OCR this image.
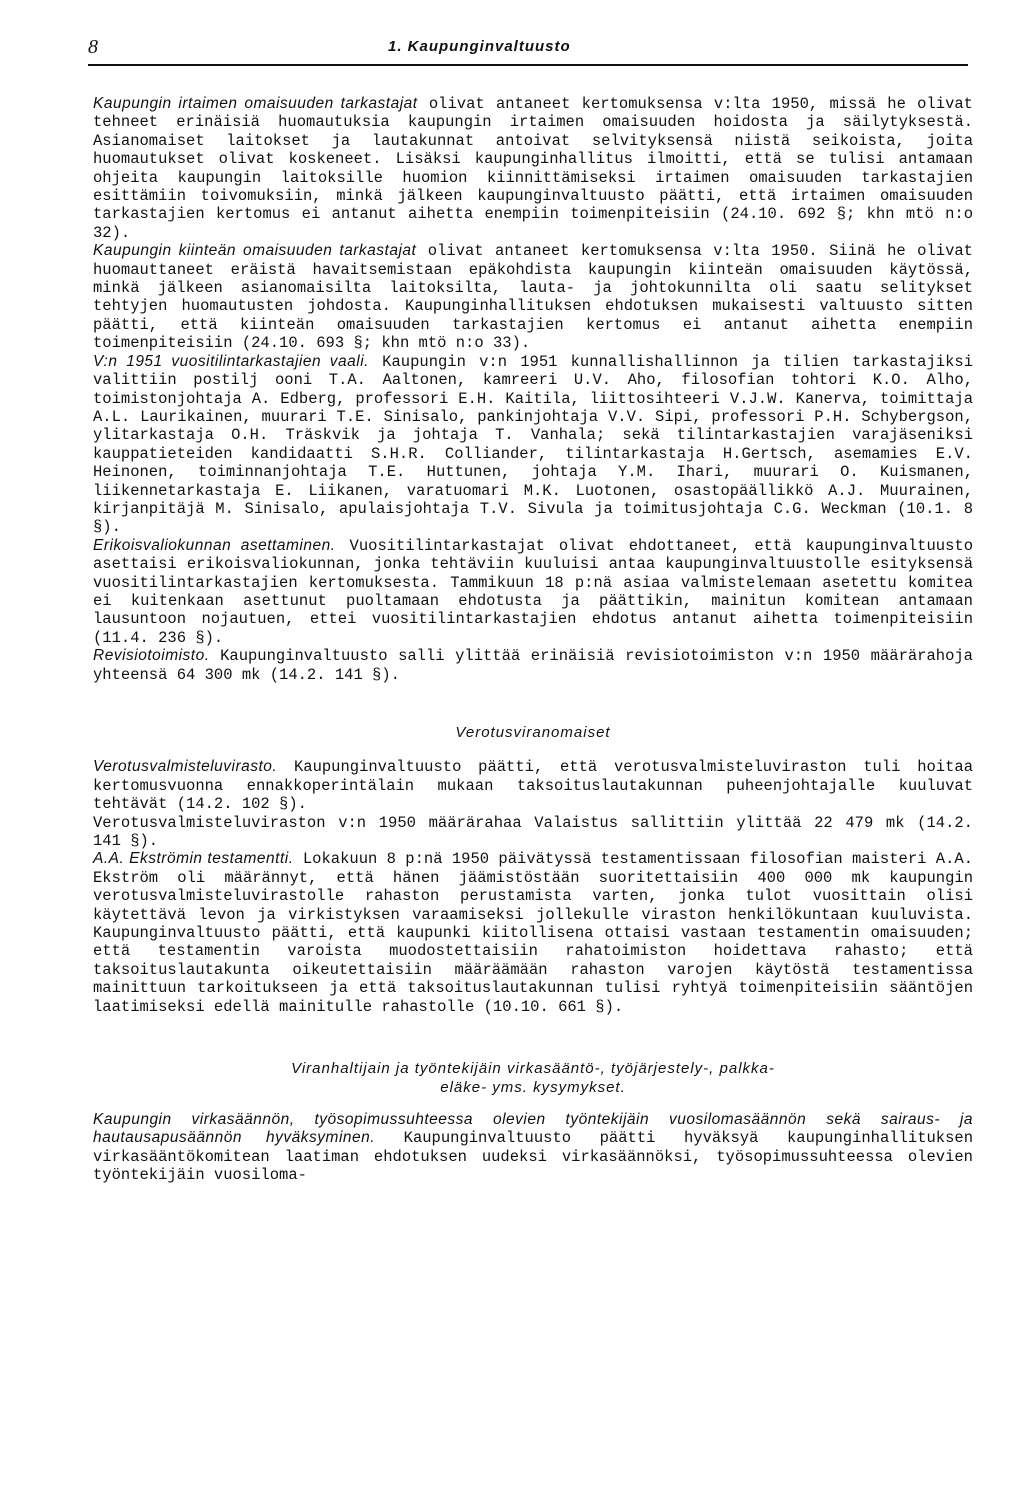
8	1. Kaupunginvaltuusto

Kaupungin irtaimen omaisuuden tarkastajat olivat antaneet kertomuksensa v:lta 1950, missä he olivat tehneet erinäisiä huomautuksia kaupungin irtaimen omaisuuden hoidosta ja säilytyksestä. Asianomaiset laitokset ja lautakunnat antoivat selvityksensä niistä seikoista, joita huomautukset olivat koskeneet. Lisäksi kaupunginhallitus ilmoitti, että se tulisi antamaan ohjeita kaupungin laitoksille huomion kiinnittämiseksi irtaimen omaisuuden tarkastajien esittämiin toivomuksiin, minkä jälkeen kaupunginvaltuusto päätti, että irtaimen omaisuuden tarkastajien kertomus ei antanut aihetta enempiin toimenpiteisiin (24.10. 692 §; khn mtö n:o 32).

Kaupungin kiinteän omaisuuden tarkastajat olivat antaneet kertomuksensa v:lta 1950. Siinä he olivat huomauttaneet eräistä havaitsemistaan epäkohdista kaupungin kiinteän omaisuuden käytössä, minkä jälkeen asianomaisilta laitoksilta, lauta- ja johtokunnilta oli saatu selitykset tehtyjen huomautusten johdosta. Kaupunginhallituksen ehdotuksen mukaisesti valtuusto sitten päätti, että kiinteän omaisuuden tarkastajien kertomus ei antanut aihetta enempiin toimenpiteisiin (24.10. 693 §; khn mtö n:o 33).

V:n 1951 vuositilintarkastajien vaali. Kaupungin v:n 1951 kunnallishallinnon ja tilien tarkastajiksi valittiin postilj ooni T.A. Aaltonen, kamreeri U.V. Aho, filosofian tohtori K.O. Alho, toimistonjohtaja A. Edberg, professori E.H. Kaitila, liittosihteeri V.J.W. Kanerva, toimittaja A.L. Laurikainen, muurari T.E. Sinisalo, pankinjohtaja V.V. Sipi, professori P.H. Schybergson, ylitarkastaja O.H. Träskvik ja johtaja T. Vanhala; sekä tilintarkastajien varajäseniksi kauppatieteiden kandidaatti S.H.R. Colliander, tilintarkastaja H.Gertsch, asemamies E.V. Heinonen, toiminnanjohtaja T.E. Huttunen, johtaja Y.M. Ihari, muurari O. Kuismanen, liikennetarkastaja E. Liikanen, varatuomari M.K. Luotonen, osastopäällikkö A.J. Muurainen, kirjanpitäjä M. Sinisalo, apulaisjohtaja T.V. Sivula ja toimitusjohtaja C.G. Weckman (10.1. 8 §).

Erikoisvaliokunnan asettaminen. Vuositilintarkastajat olivat ehdottaneet, että kaupunginvaltuusto asettaisi erikoisvaliokunnan, jonka tehtäviin kuuluisi antaa kaupunginvaltuustolle esityksensä vuositilintarkastajien kertomuksesta. Tammikuun 18 p:nä asiaa valmistelemaan asetettu komitea ei kuitenkaan asettunut puoltamaan ehdotusta ja päättikin, mainitun komitean antamaan lausuntoon nojautuen, ettei vuositilintarkastajien ehdotus antanut aihetta toimenpiteisiin (11.4. 236 §).

Revisiotoimisto. Kaupunginvaltuusto salli ylittää erinäisiä revisiotoimiston v:n 1950 määrärahoja yhteensä 64 300 mk (14.2. 141 §).

Verotusviranomaiset

Verotusvalmisteluvirasto. Kaupunginvaltuusto päätti, että verotusvalmisteluviraston tuli hoitaa kertomusvuonna ennakkoperintälain mukaan taksoituslautakunnan puheenjohtajalle kuuluvat tehtävät (14.2. 102 §).

Verotusvalmisteluviraston v:n 1950 määrärahaa Valaistus sallittiin ylittää 22 479 mk (14.2. 141 §).

A.A. Ekströmin testamentti. Lokakuun 8 p:nä 1950 päivätyssä testamentissaan filosofian maisteri A.A. Ekström oli määrännyt, että hänen jäämistöstään suoritettaisiin 400 000 mk kaupungin verotusvalmisteluvirastolle rahaston perustamista varten, jonka tulot vuosittain olisi käytettävä levon ja virkistyksen varaamiseksi jollekulle viraston henkilökuntaan kuuluvista. Kaupunginvaltuusto päätti, että kaupunki kiitollisena ottaisi vastaan testamentin omaisuuden; että testamentin varoista muodostettaisiin rahatoimiston hoidettava rahasto; että taksoituslautakunta oikeutettaisiin määräämään rahaston varojen käytöstä testamentissa mainittuun tarkoitukseen ja että taksoituslautakunnan tulisi ryhtyä toimenpiteisiin sääntöjen laatimiseksi edellä mainitulle rahastolle (10.10. 661 §).

Viranhaltijain ja työntekijäin virkasääntö-, työjärjestely-, palkka-

eläke- yms. kysymykset.

Kaupungin virkasäännön, työsopimussuhteessa olevien työntekijäin vuosilomasäännön sekä sairaus- ja hautausapusäännön hyväksyminen. Kaupunginvaltuusto päätti hyväksyä kaupunginhallituksen virkasääntökomitean laatiman ehdotuksen uudeksi virkasäännöksi, työsopimussuhteessa olevien työntekijäin vuosiloma-
